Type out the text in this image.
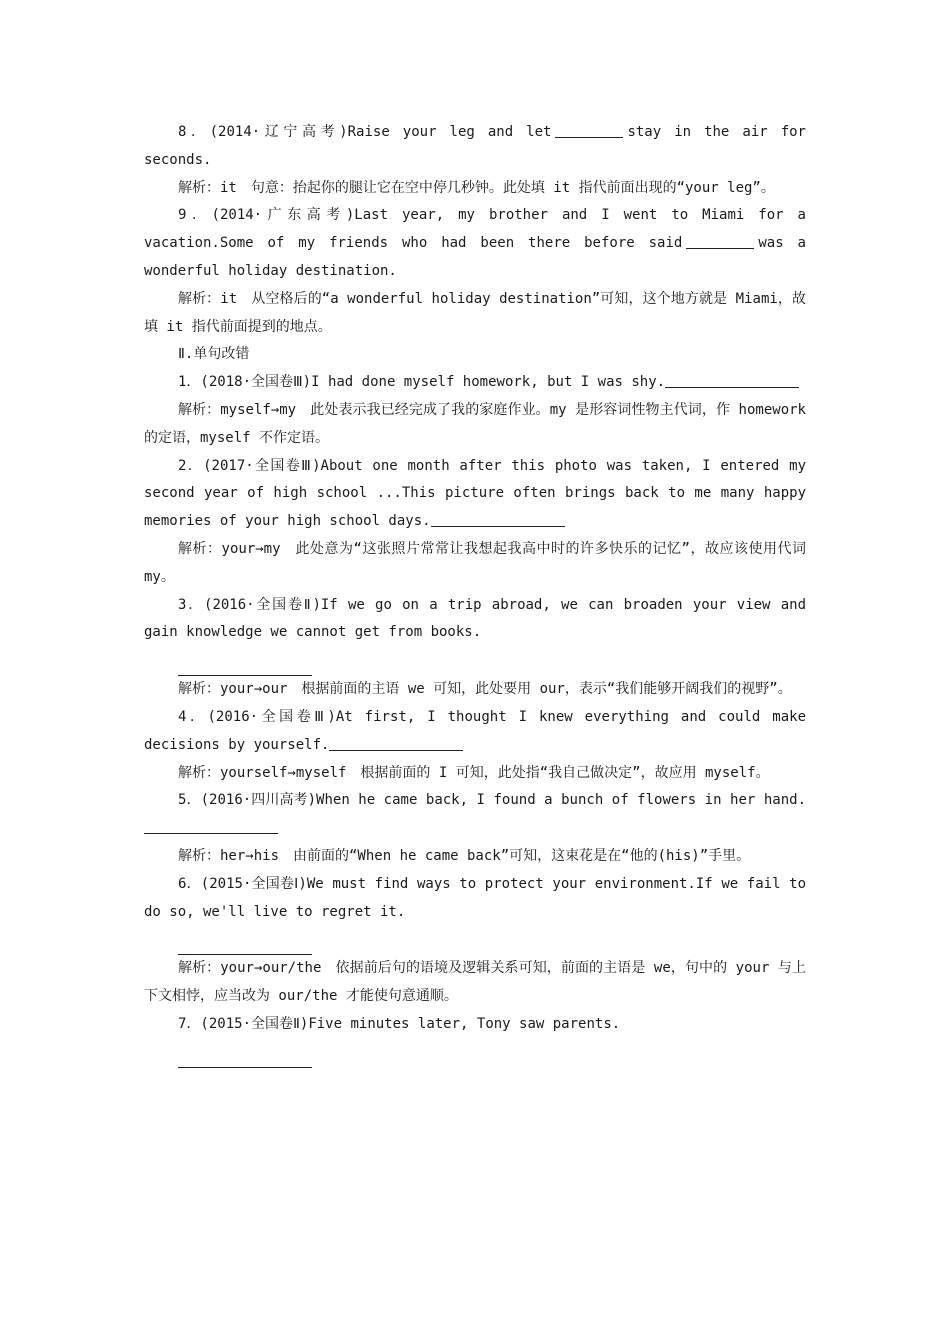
8．(2014·辽宁高考)Raise your leg and let	stay in the air for seconds.

解析：it　句意：抬起你的腿让它在空中停几秒钟。此处填 it 指代前面出现的“your leg”。

9．(2014·广东高考)Last year, my brother and I went to Miami for a vacation.Some of my friends who had been there before said	was a wonderful holiday destination.

解析：it　从空格后的“a wonderful holiday destination”可知，这个地方就是 Miami，故填 it 指代前面提到的地点。

Ⅱ.单句改错

1．(2018·全国卷Ⅲ)I had done myself homework, but I was shy.

解析：myself→my　此处表示我已经完成了我的家庭作业。my 是形容词性物主代词，作 homework 的定语，myself 不作定语。

2．(2017·全国卷Ⅲ)About one month after this photo was taken, I entered my second year of high school ...This picture often brings back to me many happy memories of your high school days.

解析：your→my　此处意为“这张照片常常让我想起我高中时的许多快乐的记忆”，故应该使用代词 my。

3．(2016·全国卷Ⅱ)If we go on a trip abroad, we can broaden your view and gain knowledge we cannot get from books.

解析：your→our　根据前面的主语 we 可知，此处要用 our，表示“我们能够开阔我们的视野”。

4．(2016·全国卷Ⅲ)At first, I thought I knew everything and could make decisions by yourself.

解析：yourself→myself　根据前面的 I 可知，此处指“我自己做决定”，故应用 myself。

5．(2016·四川高考)When he came back, I found a bunch of flowers in her hand.

解析：her→his　由前面的“When he came back”可知，这束花是在“他的(his)”手里。

6．(2015·全国卷Ⅰ)We must find ways to protect your environment.If we fail to do so, we'll live to regret it.

解析：your→our/the　依据前后句的语境及逻辑关系可知，前面的主语是 we，句中的 your 与上下文相悖，应当改为 our/the 才能使句意通顺。

7．(2015·全国卷Ⅱ)Five minutes later, Tony saw parents.
